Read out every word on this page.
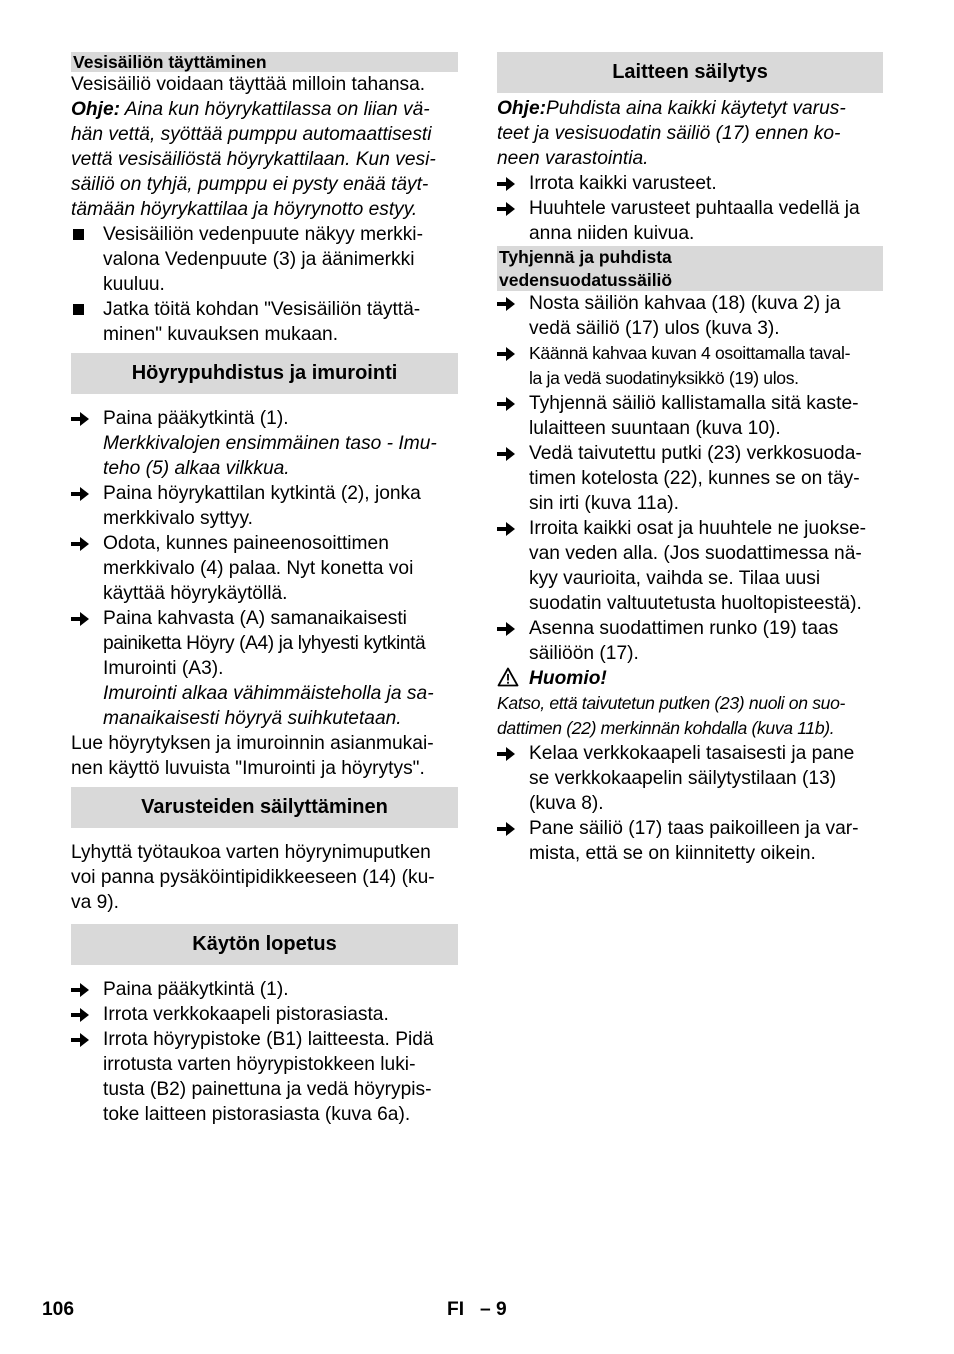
Vesisäiliön täyttäminen

Vesisäiliö voidaan täyttää milloin tahansa.

Ohje: Aina kun höyrykattilassa on liian vä-
hän vettä, syöttää pumppu automaattisesti
vettä vesisäiliöstä höyrykattilaan. Kun vesi-
säiliö on tyhjä, pumppu ei pysty enää täyt-
tämään höyrykattilaa ja höyrynotto estyy.

Vesisäiliön vedenpuute näkyy merkki-
valona Vedenpuute (3) ja äänimerkki
kuuluu.
Jatka töitä kohdan "Vesisäiliön täyttä-
minen" kuvauksen mukaan.
Höyrypuhdistus ja imurointi
Paina pääkytkintä (1).
Merkkivalojen ensimmäinen taso - Imu-
teho (5) alkaa vilkkua.
Paina höyrykattilan kytkintä (2), jonka
merkkivalo syttyy.
Odota, kunnes paineenosoittimen
merkkivalo (4) palaa. Nyt konetta voi
käyttää höyrykäytöllä.
Paina kahvasta (A) samanaikaisesti
painiketta Höyry (A4) ja lyhyesti kytkintä
Imurointi (A3).
Imurointi alkaa vähimmäisteholla ja sa-
manaikaisesti höyryä suihkutetaan.

Lue höyrytyksen ja imuroinnin asianmukai-
nen käyttö luvuista "Imurointi ja höyrytys".

Varusteiden säilyttäminen

Lyhyttä työtaukoa varten höyrynimuputken
voi panna pysäköintipidikkeeseen (14) (ku-
va 9).

Käytön lopetus
Paina pääkytkintä (1).
Irrota verkkokaapeli pistorasiasta.
Irrota höyrypistoke (B1) laitteesta. Pidä
irrotusta varten höyrypistokkeen luki-
tusta (B2) painettuna ja vedä höyrypis-
toke laitteen pistorasiasta (kuva 6a).
Laitteen säilytys

Ohje:Puhdista aina kaikki käytetyt varus-
teet ja vesisuodatin säiliö (17) ennen ko-
neen varastointia.

Irrota kaikki varusteet.
Huuhtele varusteet puhtaalla vedellä ja
anna niiden kuivua.
Tyhjennä ja puhdista
vedensuodatussäiliö
Nosta säiliön kahvaa (18) (kuva 2) ja
vedä säiliö (17) ulos (kuva 3).
Käännä kahvaa kuvan 4 osoittamalla taval-
la ja vedä suodatinyksikkö (19) ulos.
Tyhjennä säiliö kallistamalla sitä kaste-
lulaitteen suuntaan (kuva 10).
Vedä taivutettu putki (23) verkkosuoda-
timen kotelosta (22), kunnes se on täy-
sin irti (kuva 11a).
Irroita kaikki osat ja huuhtele ne juokse-
van veden alla. (Jos suodattimessa nä-
kyy vaurioita, vaihda se. Tilaa uusi
suodatin valtuutetusta huoltopisteestä).
Asenna suodattimen runko (19) taas
säiliöön (17).

Huomio!

Katso, että taivutetun putken (23) nuoli on suo-
dattimen (22) merkinnän kohdalla (kuva 11b).

Kelaa verkkokaapeli tasaisesti ja pane
se verkkokaapelin säilytystilaan (13)
(kuva 8).
Pane säiliö (17) taas paikoilleen ja var-
mista, että se on kiinnitetty oikein.
106	FI   – 9
